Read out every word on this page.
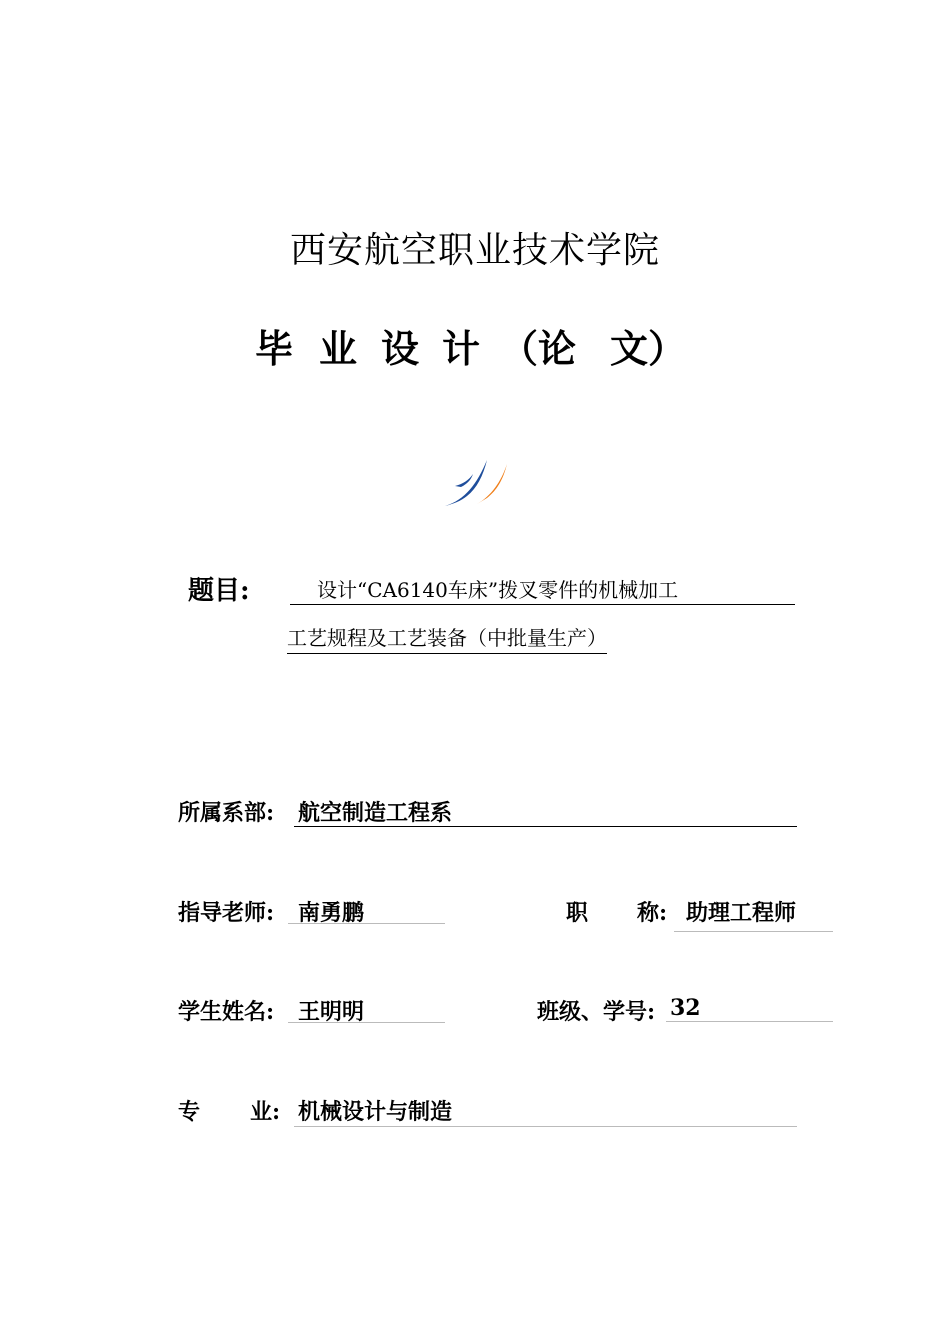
西安航空职业技术学院
毕 业 设 计 （论 文）
题目:	设计“CA6140车床”拨叉零件的机械加工
工艺规程及工艺装备（中批量生产）
所属系部: 航空制造工程系
指导老师: 南勇鹏	职 称: 助理工程师
学生姓名: 王明明	班级、学号: 32
专 业: 机械设计与制造
